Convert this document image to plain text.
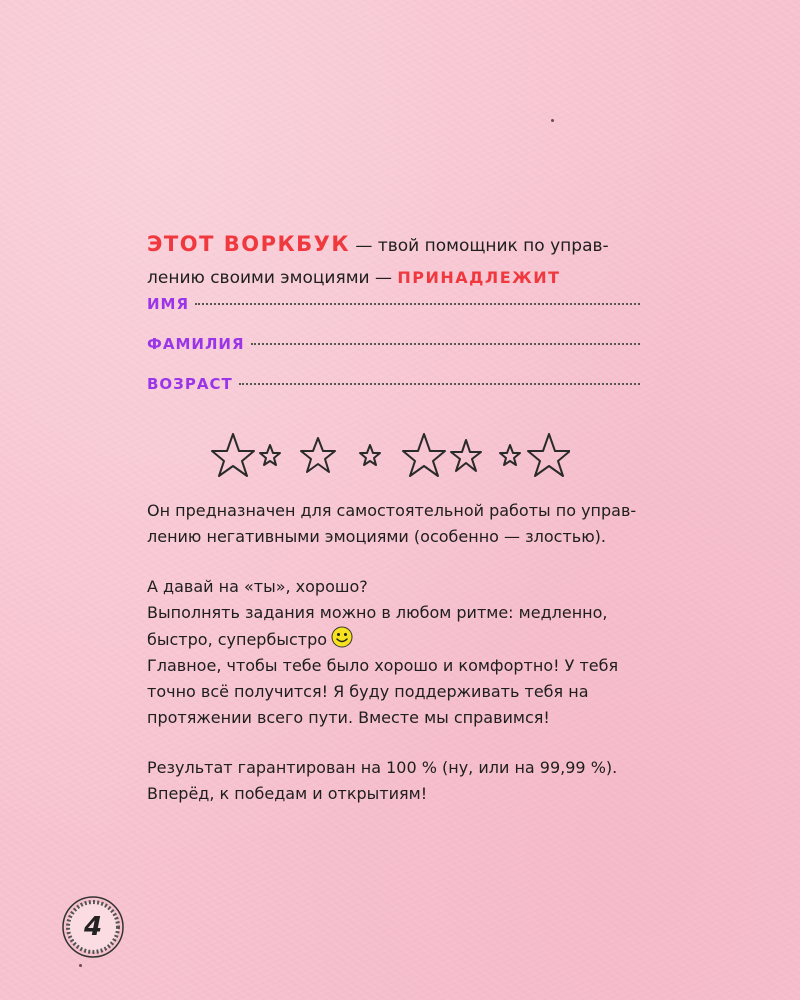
ЭТОТ ВОРКБУК — твой помощник по управ-
лению своими эмоциями — ПРИНАДЛЕЖИТ
ИМЯ
ФАМИЛИЯ
ВОЗРАСТ
Он предназначен для самостоятельной работы по управ-
лению негативными эмоциями (особенно — злостью).
А давай на «ты», хорошо?
Выполнять задания можно в любом ритме: медленно,
быстро, супербыстро
Главное, чтобы тебе было хорошо и комфортно! У тебя
точно всё получится! Я буду поддерживать тебя на
протяжении всего пути. Вместе мы справимся!
Результат гарантирован на 100 % (ну, или на 99,99 %).
Вперёд, к победам и открытиям!
4
